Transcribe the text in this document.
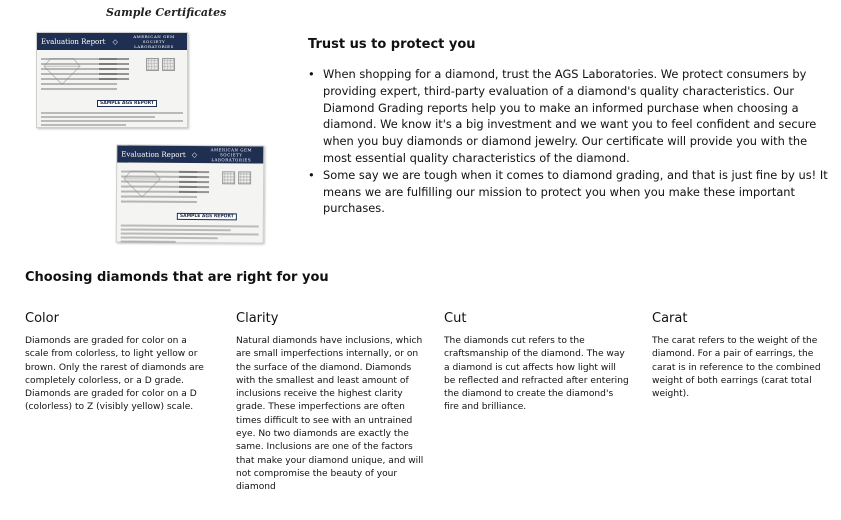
Sample Certificates
Evaluation Report ◇
AMERICAN GEM SOCIETY LABORATORIES
SAMPLE AGS REPORT
Evaluation Report ◇
AMERICAN GEM SOCIETY LABORATORIES
SAMPLE AGS REPORT
Trust us to protect you
• When shopping for a diamond, trust the AGS Laboratories. We protect consumers by providing expert, third-party evaluation of a diamond's quality characteristics. Our Diamond Grading reports help you to make an informed purchase when choosing a diamond. We know it's a big investment and we want you to feel confident and secure when you buy diamonds or diamond jewelry. Our certificate will provide you with the most essential quality characteristics of the diamond.
• Some say we are tough when it comes to diamond grading, and that is just fine by us! It means we are fulfilling our mission to protect you when you make these important purchases.
Choosing diamonds that are right for you
Color
Diamonds are graded for color on a scale from colorless, to light yellow or brown. Only the rarest of diamonds are completely colorless, or a D grade. Diamonds are graded for color on a D (colorless) to Z (visibly yellow) scale.
Clarity
Natural diamonds have inclusions, which are small imperfections internally, or on the surface of the diamond. Diamonds with the smallest and least amount of inclusions receive the highest clarity grade. These imperfections are often times difficult to see with an untrained eye. No two diamonds are exactly the same. Inclusions are one of the factors that make your diamond unique, and will not compromise the beauty of your diamond
Cut
The diamonds cut refers to the craftsmanship of the diamond. The way a diamond is cut affects how light will be reflected and refracted after entering the diamond to create the diamond's fire and brilliance.
Carat
The carat refers to the weight of the diamond. For a pair of earrings, the carat is in reference to the combined weight of both earrings (carat total weight).
